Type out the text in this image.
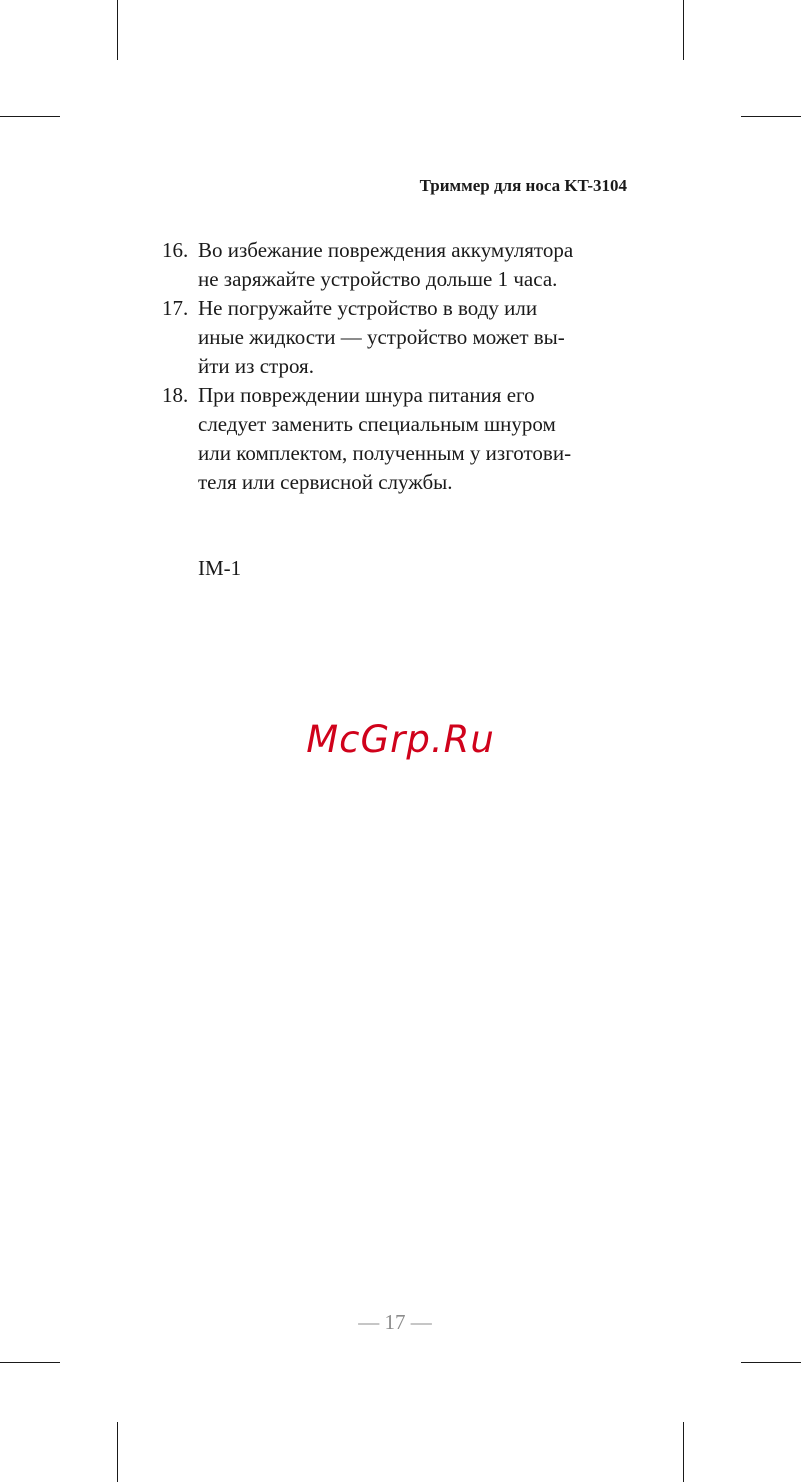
Триммер для носа KT-3104
16. Во избежание повреждения аккумулятора
не заряжайте устройство дольше 1 часа.
17. Не погружайте устройство в воду или
иные жидкости — устройство может вы-
йти из строя.
18. При повреждении шнура питания его
следует заменить специальным шнуром
или комплектом, полученным у изготови-
теля или сервисной службы.
IM-1
McGrp.Ru
— 17 —
